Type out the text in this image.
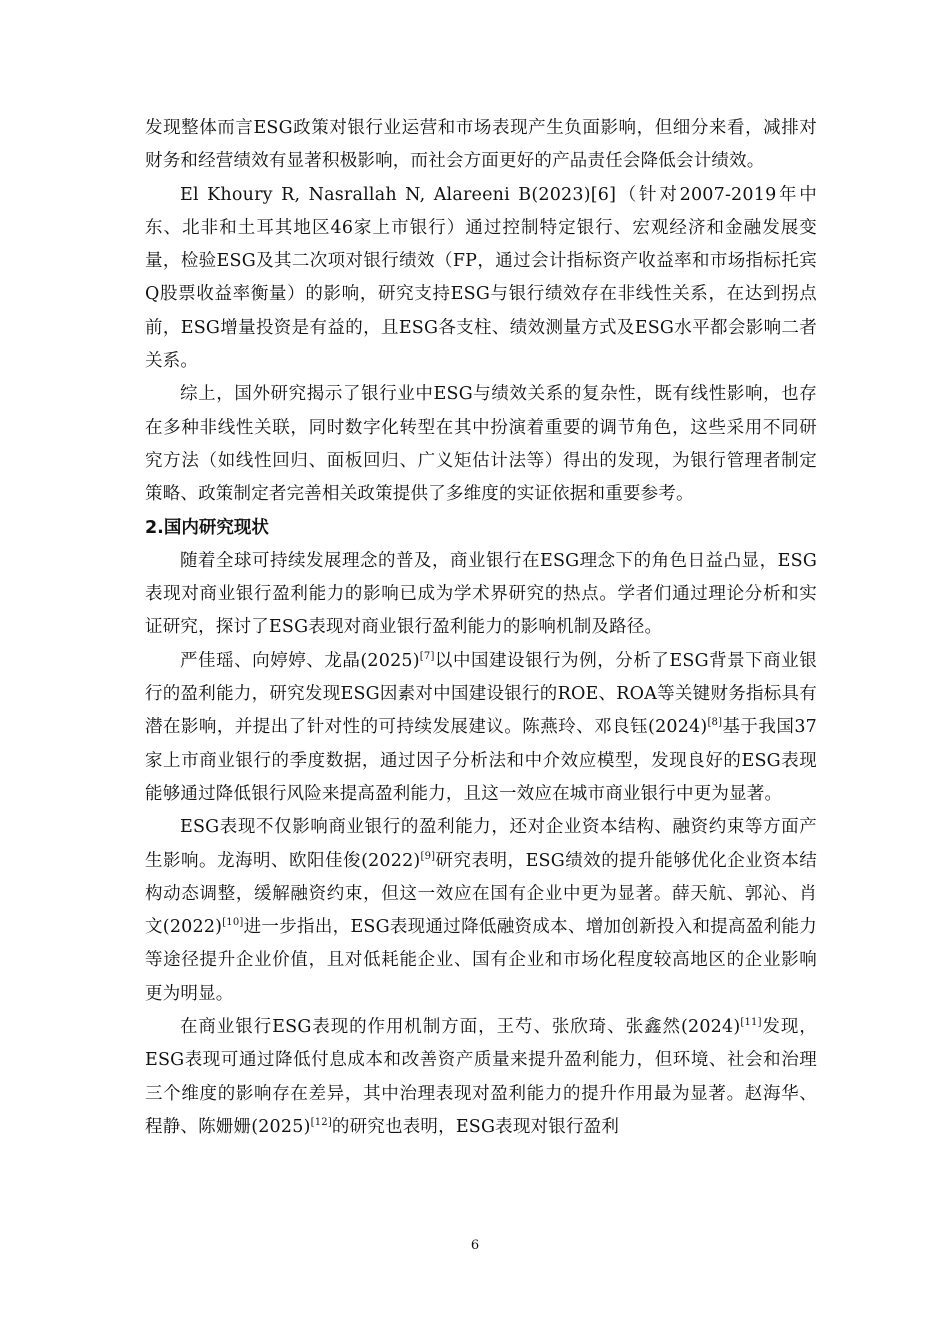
发现整体而言ESG政策对银行业运营和市场表现产生负面影响，但细分来看，减排对财务和经营绩效有显著积极影响，而社会方面更好的产品责任会降低会计绩效。

El Khoury R, Nasrallah N, Alareeni B(2023)[6]（针对2007-2019年中东、北非和土耳其地区46家上市银行）通过控制特定银行、宏观经济和金融发展变量，检验ESG及其二次项对银行绩效（FP，通过会计指标资产收益率和市场指标托宾Q股票收益率衡量）的影响，研究支持ESG与银行绩效存在非线性关系，在达到拐点前，ESG增量投资是有益的，且ESG各支柱、绩效测量方式及ESG水平都会影响二者关系。

综上，国外研究揭示了银行业中ESG与绩效关系的复杂性，既有线性影响，也存在多种非线性关联，同时数字化转型在其中扮演着重要的调节角色，这些采用不同研究方法（如线性回归、面板回归、广义矩估计法等）得出的发现，为银行管理者制定策略、政策制定者完善相关政策提供了多维度的实证依据和重要参考。

2.国内研究现状

随着全球可持续发展理念的普及，商业银行在ESG理念下的角色日益凸显，ESG表现对商业银行盈利能力的影响已成为学术界研究的热点。学者们通过理论分析和实证研究，探讨了ESG表现对商业银行盈利能力的影响机制及路径。

严佳瑶、向婷婷、龙晶(2025)[7]以中国建设银行为例，分析了ESG背景下商业银行的盈利能力，研究发现ESG因素对中国建设银行的ROE、ROA等关键财务指标具有潜在影响，并提出了针对性的可持续发展建议。陈燕玲、邓良钰(2024)[8]基于我国37家上市商业银行的季度数据，通过因子分析法和中介效应模型，发现良好的ESG表现能够通过降低银行风险来提高盈利能力，且这一效应在城市商业银行中更为显著。

ESG表现不仅影响商业银行的盈利能力，还对企业资本结构、融资约束等方面产生影响。龙海明、欧阳佳俊(2022)[9]研究表明，ESG绩效的提升能够优化企业资本结构动态调整，缓解融资约束，但这一效应在国有企业中更为显著。薛天航、郭沁、肖文(2022)[10]进一步指出，ESG表现通过降低融资成本、增加创新投入和提高盈利能力等途径提升企业价值，且对低耗能企业、国有企业和市场化程度较高地区的企业影响更为明显。

在商业银行ESG表现的作用机制方面，王芍、张欣琦、张鑫然(2024)[11]发现，ESG表现可通过降低付息成本和改善资产质量来提升盈利能力，但环境、社会和治理三个维度的影响存在差异，其中治理表现对盈利能力的提升作用最为显著。赵海华、程静、陈姗姗(2025)[12]的研究也表明，ESG表现对银行盈利

6
